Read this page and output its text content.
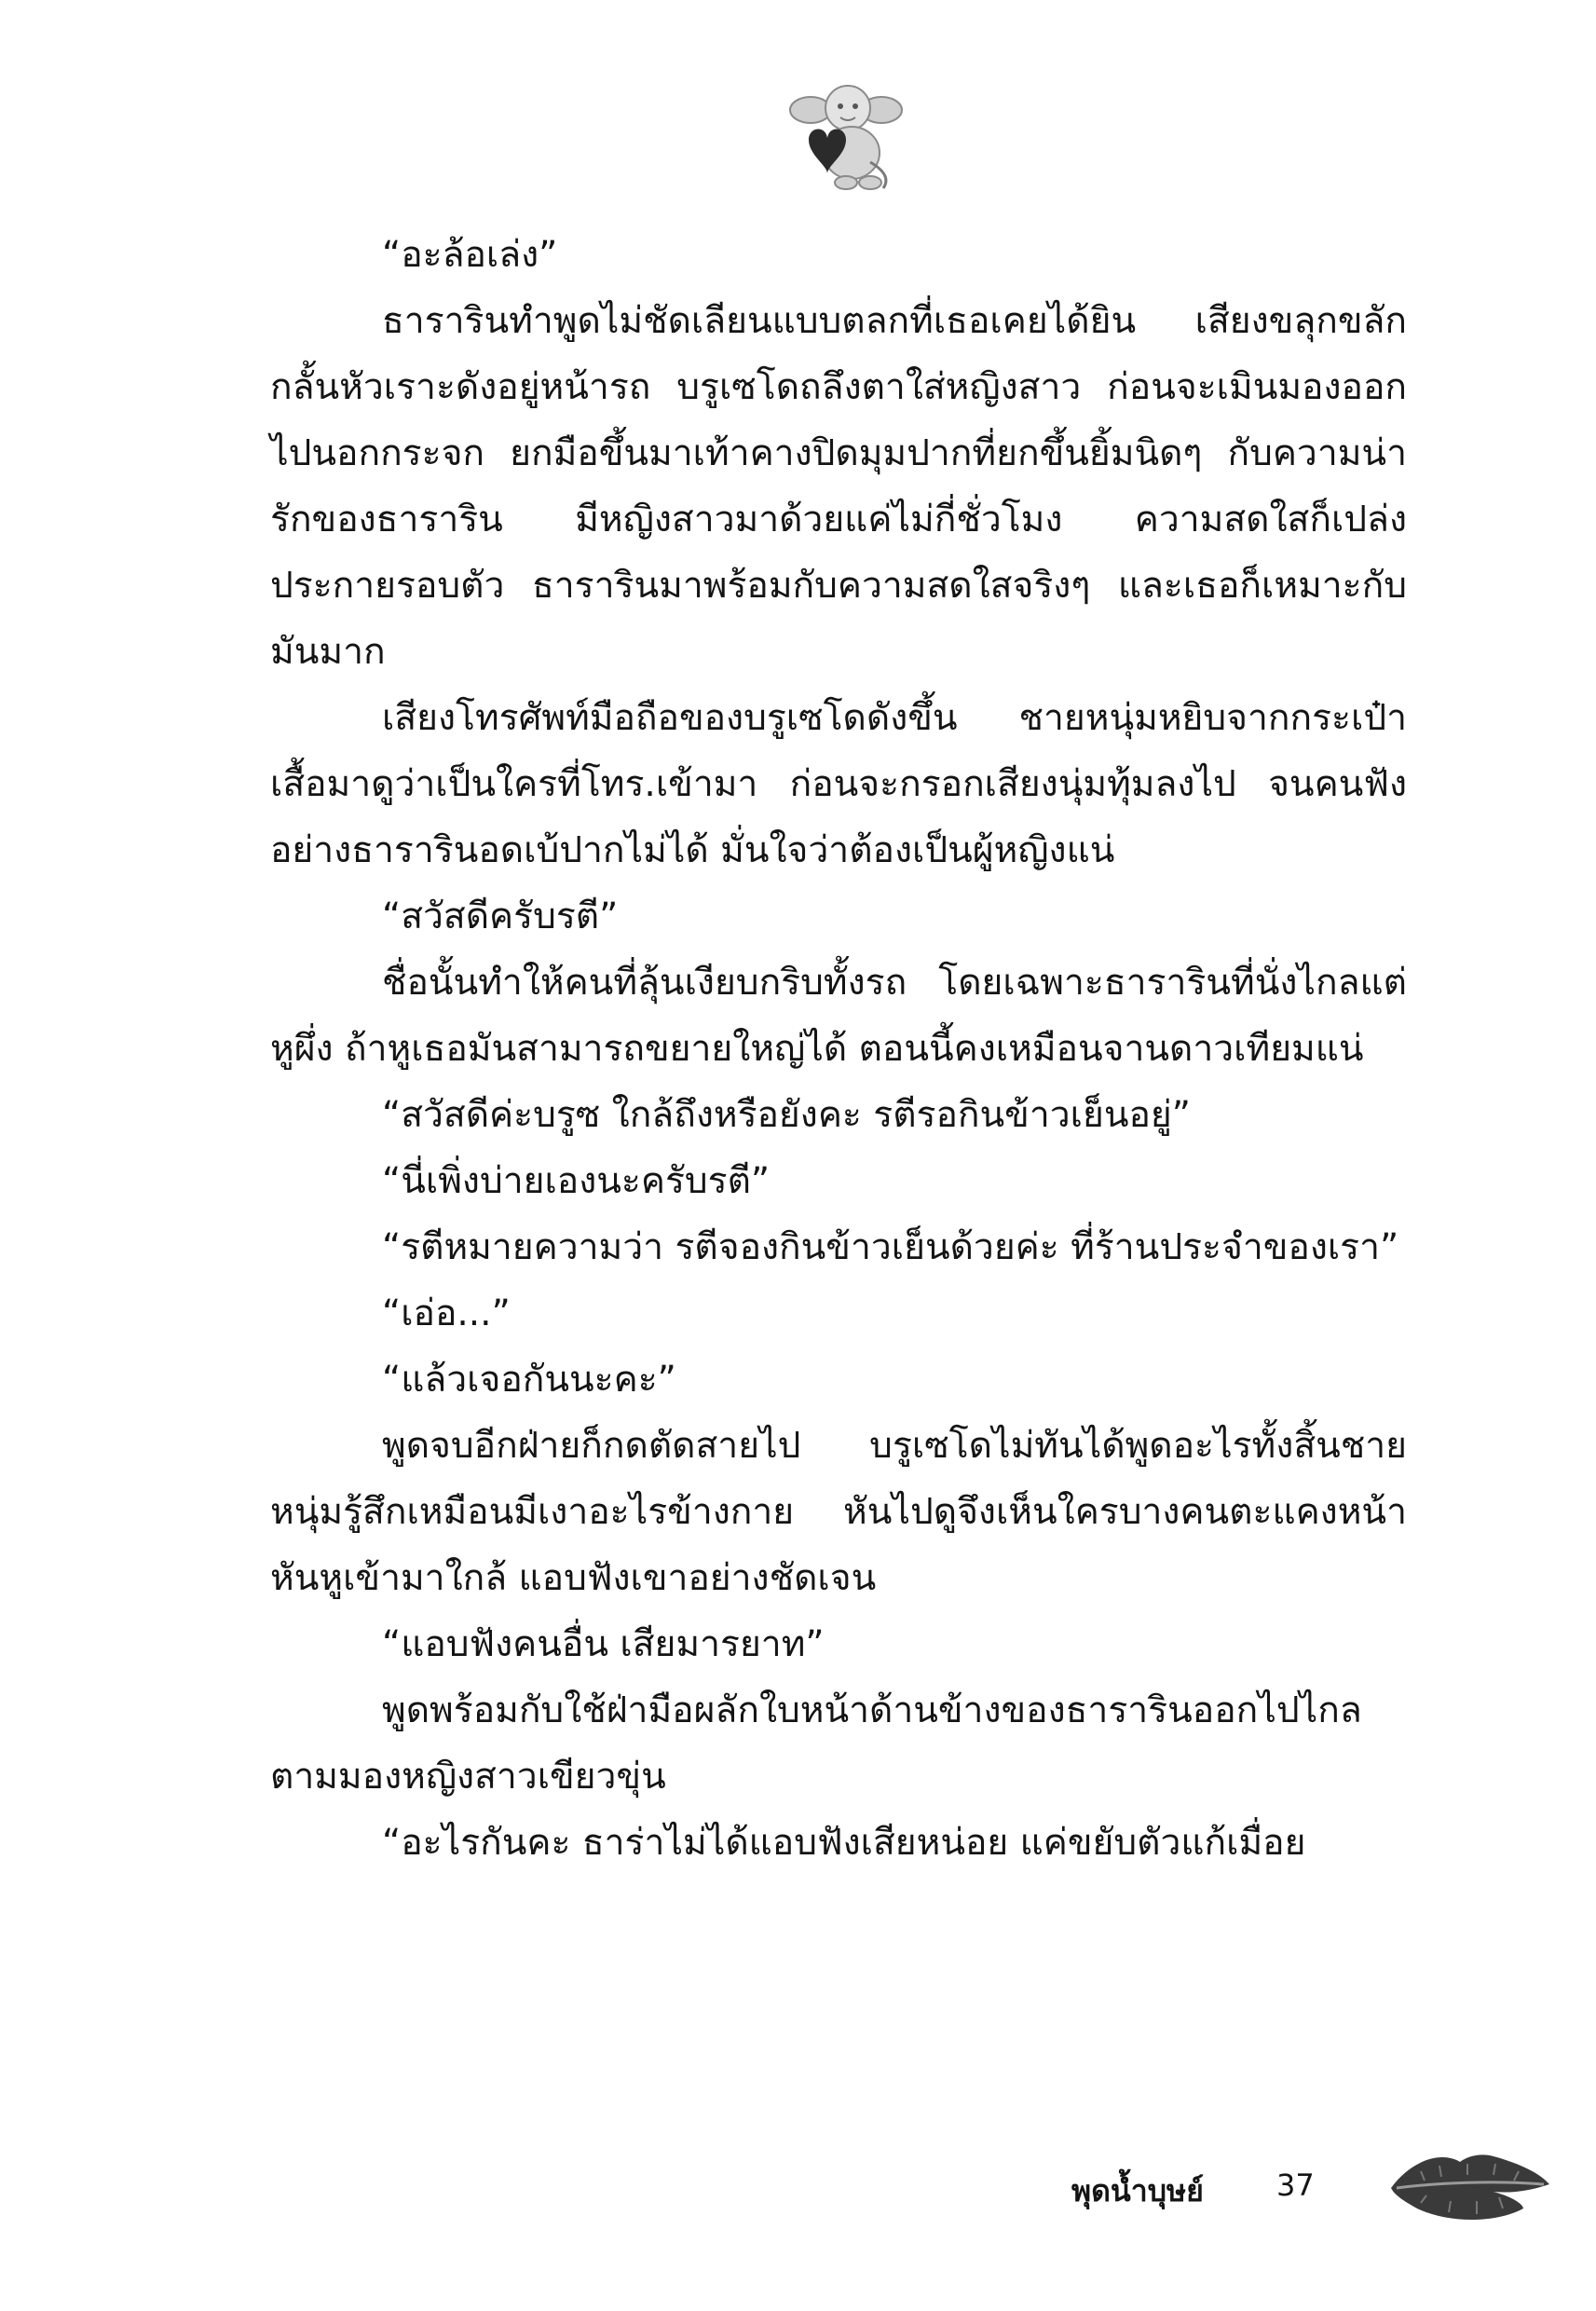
“อะล้อเล่ง”

ธาราริน​ทำ​พูด​ไม่​ชัด​เลียน​แบบ​ตลก​ที่​เธอ​เคย​ได้​ยิน เสียง​ขลุก​ขลัก​กลั้น​หัว​เราะ​ดัง​อยู่​หน้า​รถ บรูเซโด​ถลึง​ตา​ใส่​หญิง​สาว ก่อน​จะ​เมิน​มอง​ออก​ไป​นอก​กระจก ยก​มือ​ขึ้น​มา​เท้า​คาง​ปิด​มุม​ปาก​ที่​ยก​ขึ้น​ยิ้ม​นิดๆ กับ​ความ​น่า​รัก​ของ​ธาราริน มี​หญิง​สาว​มา​ด้วย​แค่​ไม่​กี่​ชั่ว​โมง ความ​สด​ใส​ก็​เปล่ง​ประกาย​รอบ​ตัว ธาราริน​มา​พร้อม​กับ​ความ​สด​ใส​จริงๆ และ​เธอ​ก็​เหมาะ​กับ​มัน​มาก

เสียง​โทรศัพท์​มือ​ถือ​ของ​บรูเซโด​ดัง​ขึ้น ชาย​หนุ่ม​หยิบ​จาก​กระเป๋า​เสื้อ​มา​ดู​ว่า​เป็น​ใคร​ที่​โทร.เข้า​มา ก่อน​จะ​กรอก​เสียง​นุ่ม​ทุ้ม​ลง​ไป จน​คน​ฟัง​อย่าง​ธาราริน​อด​เบ้​ปาก​ไม่​ได้ มั่น​ใจ​ว่า​ต้อง​เป็น​ผู้​หญิง​แน่

“สวัสดี​ครับ​รตี”

ชื่อ​นั้น​ทำ​ให้​คน​ที่​ลุ้น​เงียบ​กริบ​ทั้ง​รถ โดย​เฉพาะ​ธาราริน​ที่​นั่ง​ไกล​แต่​หู​ผึ่ง ถ้า​หู​เธอ​มัน​สามารถ​ขยาย​ใหญ่​ได้ ตอน​นี้​คง​เหมือน​จาน​ดาว​เทียม​แน่

“สวัสดี​ค่ะ​บรูซ ใกล้​ถึง​หรือ​ยัง​คะ รตี​รอ​กิน​ข้าว​เย็น​อยู่”

“นี่​เพิ่ง​บ่าย​เอง​นะ​ครับ​รตี”

“รตี​หมาย​ความ​ว่า รตี​จอง​กิน​ข้าว​เย็น​ด้วย​ค่ะ ที่​ร้าน​ประจำ​ของ​เรา”

“เอ่อ...”

“แล้ว​เจอ​กัน​นะ​คะ”

พูด​จบ​อีก​ฝ่าย​ก็​กด​ตัด​สาย​ไป บรูเซโด​ไม่​ทัน​ได้​พูด​อะไร​ทั้ง​สิ้น​ชาย​หนุ่ม​รู้สึก​เหมือน​มี​เงา​อะไร​ข้าง​กาย หัน​ไป​ดู​จึง​เห็น​ใคร​บาง​คน​ตะแคง​หน้า​หัน​หู​เข้า​มา​ใกล้ แอบ​ฟัง​เขา​อย่าง​ชัด​เจน

“แอบ​ฟัง​คน​อื่น เสีย​มารยาท”

พูด​พร้อม​กับ​ใช้​ฝ่า​มือ​ผลัก​ใบ​หน้า​ด้าน​ข้าง​ของ​ธาราริน​ออก​ไป​ไกล​ตาม​มอง​หญิง​สาว​เขียว​ขุ่น

“อะไร​กัน​คะ ธาร่า​ไม่​ได้​แอบ​ฟัง​เสีย​หน่อย แค่​ขยับ​ตัว​แก้​เมื่อย

พุดน้ำบุษย์ 37
